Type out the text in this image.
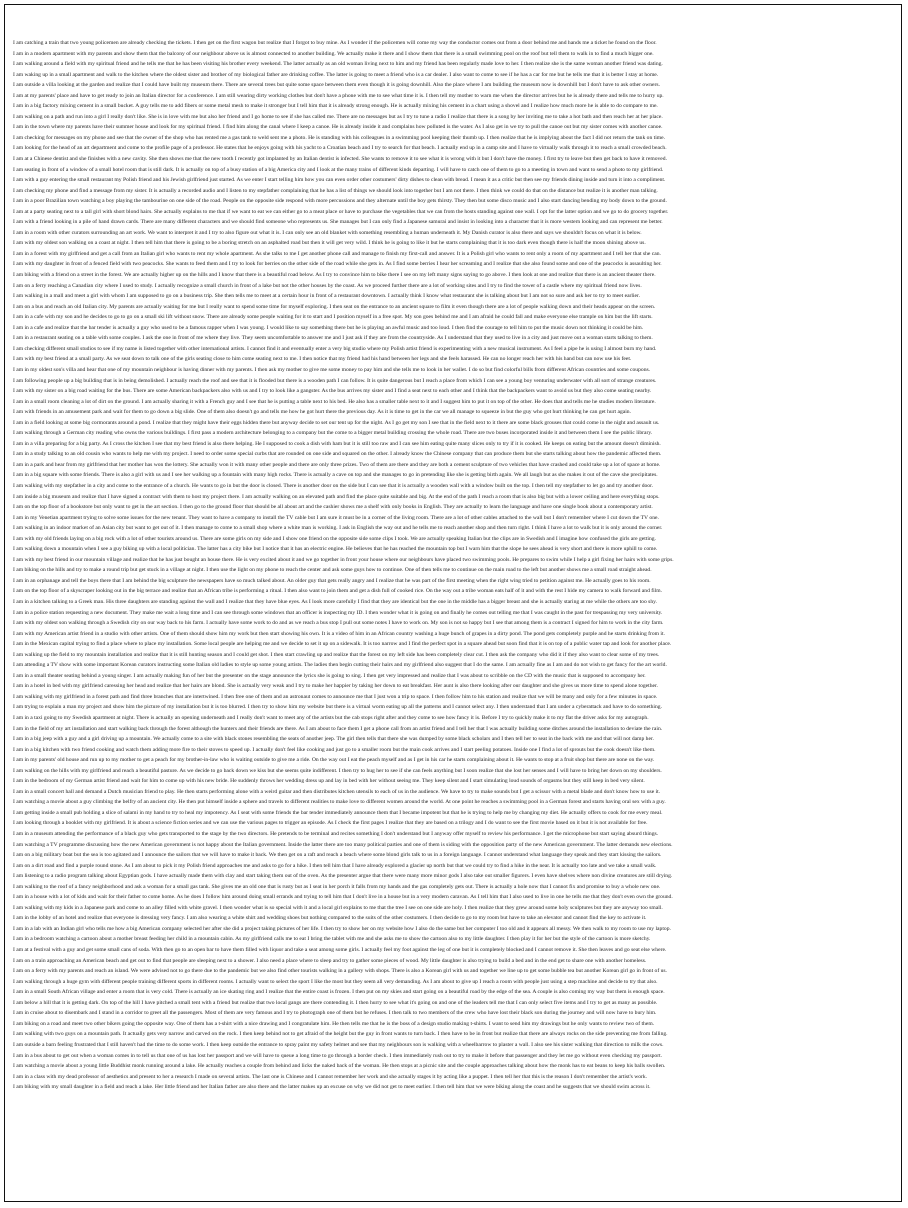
I am catching a train that two young policemen are already checking the tickets. I then get on the first wagon but realize that I forgot to buy mine. As I wonder if the policemen will come my way the conductor comes out from a door behind me and hands me a ticket he found on the floor.
I am in a modern apartment with my parents and show them that the balcony of our neighbour above us is almost connected to another building. We actually make it there and I show them that there is a small swimming pool on the roof but tell them to walk in to find a much bigger one.
I am walking around a field with my spiritual friend and he tells me that he has been visiting his brother every weekend. The latter actually as an old woman living next to him and my friend has been regularly made love to her. I then realize she is the same woman another friend was dating.
I am waking up in a small apartment and walk to the kitchen where the oldest sister and brother of my biological father are drinking coffee. The latter is going to meet a friend who is a car dealer. I also want to come to see if he has a car for me but he tells me that it is better I stay at home.
I am outside a villa looking at the garden and realize that I could have built my museum there. There are several trees but quite some space between them even though it is going downhill. Also the place where I am building the museum now is downhill but I don't have to ask other owners.
I am at my parents' place and have to get ready to join an Italian director for a conference. I am still wearing dirty working clothes but don't have a phone with me to see what time it is. I then tell my mother to warn me when the director arrives but he is already there and tells me to hurry up.
I am in a big factory mixing cement in a small bucket. A guy tells me to add fibers or some metal mesh to make it stronger but I tell him that it is already strong enough. He is actually mixing his cement in a chart using a shovel and I realize how much more he is able to do compare to me.
I am walking on a path and run into a girl I really don't like. She is in love with me but also her friend and I go home to see if she has called me. There are no messages but as I try to tune a radio I realize that there is a song by her inviting me to take a hot bath and then reach her at her place.
I am in the town where my parents have their summer house and look for my spiritual friend. I find him along the canal where I keep a canoe. He is already inside it and complains how polluted is the water. As I also get in we try to pull the canoe out but my sister comes with another canoe.
I am checking for messages on my phone and see that the owner of the shop who has rented me a gas tank to weld sent me a photo. He is standing with his colleagues in a swimming pool keeping their thumb up. I then realize that he is implying about the fact I did not return the tank on time.
I am looking for the head of an art department and come to the profile page of a professor. He states that he enjoys going with his yacht to a Croatian beach and I try to search for that beach. I actually end up in a camp site and I have to virtually walk through it to reach a small crowded beach.
I am at a Chinese dentist and she finishes with a new cavity. She then shows me that the new tooth I recently got implanted by an Italian dentist is infected. She wants to remove it to see what it is wrong with it but I don't have the money. I first try to leave but then get back to have it removed.
I am seating in front of a window of a small hotel room that is still dark. It is actually on top of a busy station of a big America city and I look at the many trains of different kinds departing. I will have to catch one of them to go to a meeting in town and want to send a photo to my girlfriend.
I am with a guy entering the small restaurant my Polish friend and his Jewish girlfriend just started. As we enter I start telling him how you can even order other costumers' dirty dishes to clean with bread. I mean it as a critic but then see my friends dining inside and turn it into a compliment.
I am checking my phone and find a message from my sister. It is actually a recorded audio and I listen to my stepfather complaining that he has a list of things we should look into together but I am not there. I then think we could do that on the distance but realize it is another man talking.
I am in a poor Brazilian town watching a boy playing the tambourine on one side of the road. People on the opposite side respond with more percussions and they alternate until the boy gets thirsty. They then but some disco music and I also start dancing bending my body down to the ground.
I am at a party seating next to a tall girl with short blond hairs. She actually explains to me that if we want to eat we can either go to a meat place or have to purchase the vegetables that we can from the hosts standing against one wall. I opt for the latter option and we go to do grocery together.
I am with a friend looking in a pile of hand drawn cards. There are many different characters and we should find someone who represents us. She manages but I can only find a Japanese samurai and insist in looking into a character that it is more western looking and can represent me better.
I am in a room with other curators surrounding an art work. We want to interpret it and I try to also figure out what it is. I can only see an old blanket with something resembling a human underneath it. My Danish curator is also there and says we shouldn't focus on what it is below.
I am with my oldest son walking on a coast at night. I then tell him that there is going to be a boring stretch on an asphalted road but then it will get very wild. I think he is going to like it but he starts complaining that it is too dark even though there is half the moon shining above us.
I am in a forest with my girlfriend and get a call from an Italian girl who wants to rent my whole apartment. As she talks to me I get another phone call and manage to finish my first-call and answer. It is a Polish girl who wants to rent only a room of my apartment and I tell her that she can.
I am with my daughter in front of a fenced field with two peacocks. She wants to feed them and I try to look for berries on the other side of the road while she gets in. As I find some berries I hear her screaming and I realize that she also found some and one of the peacocks is assaulting her.
I am biking with a friend on a street in the forest. We are actually higher up on the hills and I know that there is a beautiful road below. As I try to convince him to bike there I see on my left many signs saying to go above. I then look at one and realize that there is an ancient theater there.
I am on a ferry reaching a Canadian city where I used to study. I actually recognize a small church in front of a lake but not the other houses by the coast. As we proceed further there are a lot of working sites and I try to find the tower of a castle where my spiritual friend now lives.
I am walking in a mall and meet a girl with whom I am supposed to go on a business trip. She then tells me to meet at a certain hour in front of a restaurant downtown. I actually think I know what restaurant she is talking about but I am not so sure and ask her to try to meet earlier.
I am on a bus and reach an old Italian city. My parents are actually waiting for me but I really want to spend some time for myself exploring. I then seat on the entrance to an ancient square to film it even though there are a lot of people walking down and their heads appear on the screen.
I am in a cafe with my son and he decides to go to go on a small ski lift without snow. There are already some people waiting for it to start and I position myself in a free spot. My son goes behind me and I am afraid he could fall and make everyone else trample on him but the lift starts.
I am in a cafe and realize that the bar tender is actually a guy who used to be a famous rapper when I was young. I would like to say something there but he is playing an awful music and too loud. I then find the courage to tell him to put the music down not thinking it could be him.
I am in a restaurant seating on a table with some couples. I ask the one in front of me where they live. They seem uncomfortable to answer me and I just ask if they are from the countryside. As I understand that they used to live in a city and just move out a woman starts talking to them.
I am checking different small studios to see if my name is listed together with other international artists. I cannot find it and eventually enter a very big studio where my Polish artist friend is experimenting with a new musical instrument. As I feel a pipe he is using I almost burn my hand.
I am with my best friend at a small party. As we seat down to talk one of the girls seating close to him come seating next to me. I then notice that my friend had his hand between her legs and she feels harassed. He can no longer reach her with his hand but can now use his feet.
I am in my oldest son's villa and hear that one of my mountain neighbour is having dinner with my parents. I then ask my mother to give me some money to pay him and she tells me to look in her wallet. I do so but find colorful bills from different African countries and some coupons.
I am following people up a big building that is in being demolished. I actually reach the roof and see that it is flooded but there is a wooden path I can follow. It is quite dangerous but I reach a place from which I can see a young boy venturing underwater with all sort of strange creatures.
I am with my sister on a big road waiting for the bus. There are some American backpackers also with us and I try to look like a gangster. As the bus arrives my sister and I find a seat next to each other and I think that the backpackers want to avoid us but they also come seating nearby.
I am in a small room cleaning a lot of dirt on the ground. I am actually sharing it with a French guy and I see that he is putting a table next to his bed. He also has a smaller table next to it and I suggest him to put it on top of the other. He does that and tells me he studies modern literature.
I am with friends in an amusement park and wait for them to go down a big slide. One of them also doesn't go and tells me how he got hurt there the previous day. As it is time to get in the car we all manage to squeeze in but the guy who got hurt thinking he can get hurt again.
I am in a field looking at some big cormorants around a pond. I realize that they might have their eggs hidden there but anyway decide to set our tent up for the night. As I go get my son I see that in the field next to it there are some black grouses that could come in the night and assault us.
I am walking through a German city reading who owns the various buildings. I first pass a modern architecture belonging to a company but the come to a bigger metal building crossing the whole road. There are two buses incorporated inside it and between them I see the public library.
I am in a villa preparing for a big party. As I cross the kitchen I see that my best friend is also there helping. He I supposed to cook a dish with ham but it is still too raw and I can see him eating quite many slices only to try if it is cooked. He keeps on eating but the amount doesn't diminish.
I am in a study talking to an old cousin who wants to help me with my project. I need to order some special curbs that are rounded on one side and squared on the other. I already know the Chinese company that can produce them but she starts talking about how the pandemic affected them.
I am in a park and hear from my girlfriend that her mother has won the lottery. She actually won it with many other people and there are only three prizes. Two of them are there and they are both a cement sculpture of two vehicles that have crashed and could take up a lot of space at home.
I am in a big square with some friends. There is also a girl with us and I see her walking up a fountain with many high rocks. There is actually a cave on top and she manages to go in pretending like she is getting birth again. We all laugh but as she makes it out of the cave she precipitates.
I am walking with my stepfather in a city and come to the entrance of a church. He wants to go in but the door is closed. There is another door on the side but I can see that it is actually a wooden wall with a window built on the top. I then tell my stepfather to let go and try another door.
I am inside a big museum and realize that I have signed a contract with them to host my project there. I am actually walking on an elevated path and find the place quite suitable and big. At the end of the path I reach a room that is also big but with a lower ceiling and here everything stops.
I am on the top floor of a bookstore but only want to get in the art section. I then go to the ground floor that should be all about art and the cashier shows me a shelf with only books in English. They are actually to learn the language and have one single book about a contemporary artist.
I am in my Venetian apartment trying to solve some issues for the new tenant. They want to have a company to install the TV cable but I am sure it must be in a corner of the living room. There are a lot of other cables attached to the wall but I don't remember where I cut down the TV one.
I am walking in an indoor market of an Asian city but want to get out of it. I then manage to come to a small shop where a white man is working. I ask in English the way out and he tells me to reach another shop and then turn right. I think I have a lot to walk but it is only around the corner.
I am with my old friends laying on a big rock with a lot of other tourists around us. There are some girls on my side and I show one friend on the opposite side some clips I took. We are actually speaking Italian but the clips are in Swedish and I imagine how confused the girls are getting.
I am walking down a mountain when I see a guy biking up with a local politician. The latter has a city bike but I notice that it has an electric engine. He believes that he has reached the mountain top but I warn him that the slope he sees ahead is very short and there is more uphill to come.
I am with my best friend in our mountain village and realize that he has just bought an house there. He is very excited about it and we go together in front your house where our neighbours have placed two swimming pools. He prepares to swim while I help a girl fixing her hairs with some grips.
I am biking on the hills and try to make a round trip but get stuck in a village at night. I then use the light on my phone to reach the center and ask some guys how to continue. One of then tells me to continue on the main road to the left but another shows me a small road straight ahead.
I am in an orphanage and tell the boys there that I am behind the big sculpture the newspapers have so much talked about. An older guy that gets really angry and I realize that he was part of the first meeting when the right wing tried to petition against me. He actually goes to his room.
I am on the top floor of a skyscraper looking out in the big terrace and realize that an African tribe is performing a ritual. I then also want to join them and get a dish full of cooked rice. On the way out a tribe woman eats half of it and with the rest I hide my camera to walk forward and film.
I am in a kitchen talking to a Greek man. His three daughters are standing against the wall and I realize that they have blue eyes. As I look more carefully I find that they are identical but the one in the middle has a bigger breast and she is actually staring at me while the others are too shy.
I am in a police station requesting a new document. They make me wait a long time and I can see through some windows that an officer is inspecting my ID. I then wonder what it is going on and finally he comes out telling me that I was caught in the past for trespassing my very university.
I am with my oldest son walking through a Swedish city on our way back to his farm. I actually have some work to do and as we reach a bus stop I pull out some notes I have to work on. My son is not so happy but I see that among them is a contract I signed for him to work in the city farm.
I am with my American artist friend in a studio with other artists. One of them should show him my work but then start showing his own. It is a video of him in an African country washing a huge bunch of grapes in a dirty pond. The pond gets completely purple and he starts drinking from it.
I am in the Mexican capital trying to find a place where to place my installation. Some local people are helping me and we decide to set it up on a sidewalk. It is too narrow and I find the perfect spot in a square ahead but soon find that it is on top of a public water tap and look for another place.
I am walking up the field to my mountain installation and realize that it is still hunting season and I could get shot. I then start crawling up and realize that the forest on my left side has been completely clear cut. I then ask the company who did it if they also want to clear some of my trees.
I am attending a TV show with some important Korean curators instructing some Italian old ladies to style up some young artists. The ladies then begin cutting their hairs and my girlfriend also suggest that I do the same. I am actually fine as I am and do not wish to get fancy for the art world.
I am in a small theater seating behind a young singer. I am actually making fun of her but the presenter on the stage announce the lyrics she is going to sing. I then get very impressed and realize that I was about to scribble on the CD with the music that is supposed to accompany her.
I am in a hotel in bed with my girlfriend caressing her head and realize that her hairs are blond. She is actually very weak and I try to make her happier by taking her down to eat breakfast. Her aunt is also there looking after our daughter and she gives us more time to spend alone together.
I am walking with my girlfriend in a forest path and find three branches that are intertwined. I then free one of them and an astronaut comes to announce me that I just won a trip to space. I then follow him to his station and realize that we will be many and only for a few minutes in space.
I am trying to explain a man my project and show him the picture of my installation but it is too blurred. I then try to show him my website but there is a virtual worm eating up all the patterns and I cannot select any. I then understand that I am under a cyberattack and have to do something.
I am in a taxi going to my Swedish apartment at night. There is actually an opening underneath and I really don't want to meet any of the artists but the cab stops right after and they come to see how fancy it is. Before I try to quickly make it to my flat the driver asks for my autograph.
I am in the field of my art installation and start walking back through the forest although the hunters and their friends are there. As I am about to face them I get a phone call from an artist friend and I tell her that I was actually building some ditches around the installation to deviate the rain.
I am in a big jeep with a guy and a girl driving up a mountain. We actually come to a site with black stones resembling the seats of another jeep. The girl then tells that there she was dumped by some black scholars and I then tell her to seat in the back with me and that will not damp her.
I am in a big kitchen with two friend cooking and watch them adding more fire to their stoves to speed up. I actually don't feel like cooking and just go to a smaller room but the main cook arrives and I start peeling potatoes. Inside one I find a lot of sprouts but the cook doesn't like them.
I am in my parents' old house and run up to my mother to get a peach for my brother-in-law who is waiting outside to give me a ride. On the way out I eat the peach myself and as I get in his car he starts complaining about it. He wants to stop at a fruit shop but there are none on the way.
I am walking on the hills with my girlfriend and reach a beautiful pasture. As we decide to go back down we kiss but she seems quite indifferent. I then try to hug her to see if she can feels anything but I soon realize that she lost her senses and I will have to bring her down on my shoulders.
I am in the bedroom of my German artist friend and wait for him to come up with his new bride. He suddenly throws her wedding dress up and lay in bed with her without seeing me. They keep silent and I start simulating loud sounds of orgasms but they still keep in bed very silent.
I am in a small concert hall and demand a Dutch musician friend to play. He then starts performing alone with a weird guitar and then distributes kitchen utensils to each of us in the audience. We have to try to make sounds but I get a scissor with a metal blade and don't know how to use it.
I am watching a movie about a guy climbing the belfry of an ancient city. He then put himself inside a sphere and travels to different realities to make love to different women around the world. At one point he reaches a swimming pool in a German forest and starts having oral sex with a guy.
I am getting inside a small pub holding a slice of salami in my hand to try to heal my impotency. As I seat with some friends the bar tender immediately announce them that I became impotent but that he is trying to help me by changing my diet. He actually offers to cook for me every meal.
I am looking through a booklet with my girlfriend. It is about a science fiction series and we can use the various pages to trigger an episode. As I check the first pages I realize that they are based on a trilogy and I do want to see the first movie based on it but it is not available for free.
I am in a museum attending the performance of a black guy who gets transported to the stage by the two directors. He pretends to be terminal and recites something I don't understand but I anyway offer myself to review his performance. I get the microphone but start saying absurd things.
I am watching a TV programme discussing how the new American government is not happy about the Italian government. Inside the latter there are too many political parties and one of them is siding with the opposition party of the new American government. The latter demands new elections.
I am on a big military boat but the sea is too agitated and I announce the sailors that we will have to make it back. We then get on a raft and reach a beach where some blond girls talk to us in a foreign language. I cannot understand what language they speak and they start kissing the sailors.
I am on a dirt road and find a purple round stone. As I am about to pick it my Polish friend approaches me and asks to go for a hike. I then tell him that I have already explored a glacier up north but that we could try to find a hike in the near. It is actually too late and we take a small walk.
I am listening to a radio program talking about Egyptian gods. I have actually made them with clay and start taking them out of the oven. As the presenter argue that there were many more minor gods I also take out smaller figurers. I even have shelves where non divine creatures are still drying.
I am walking to the roof of a fancy neighborhood and ask a woman for a small gas tank. She gives me an old one that is rusty but as I seat in her porch it falls from my hands and the gas completely gets out. There is actually a hole now that I cannot fix and promise to buy a whole new one.
I am in a house with a lot of kids and wait for their father to come home. As he does I follow him around doing small errands and trying to tell him that I don't live in a house but in a very modern caravan. As I tell him that I also used to live in one he tells me that they don't even own the ground.
I am walking with my kids in a Japanese park and come to an alley filled with white gravel. I then wonder what is so special with it and a local girl explains to me that the tree I see on one side are holy. I then realize that they grew around some holy sculptures but they are anyway too small.
I am in the lobby of an hotel and realize that everyone is dressing very fancy. I am also wearing a white shirt and wedding shoes but nothing compared to the suits of the other costumers. I then decide to go to my room but have to take an elevator and cannot find the key to activate it.
I am in a lab with an Indian girl who tells me how a big American company selected her after she did a project taking pictures of her life. I then try to show her on my website how I also do the same but her computer I too old and it appears all messy. We then walk to my room to use my laptop.
I am in a bedroom watching a cartoon about a mother breast feeding her child in a mountain cabin. As my girlfriend calls me to eat I bring the tablet with me and she asks me to show the cartoon also to my little daughter. I then play it for her but the style of the cartoon is more sketchy.
I am at a festival with a guy and get some small cans of soda. With then go to an open bar to have them filled with liquor and take a seat among some girls. I actually feel my foot against the leg of one but it is completely blocked and I cannot remove it. She then leaves and go seat else where.
I am on a train approaching an American beach and get out to find that people are sleeping next to a shower. I also need a place where to sleep and try to gather some pieces of wood. My little daughter is also trying to build a bed and in the end get to share one with another homeless.
I am on a ferry with my parents and reach an island. We were advised not to go there due to the pandemic but we also find other tourists walking in a gallery with shops. There is also a Korean girl with us and together we line up to get some bubble tea but another Korean girl go in front of us.
I am walking through a huge gym with different people training different sports in different rooms. I actually want to select the sport I like the most but they seem all very demanding. As I am about to give up I reach a room with people just using a step machine and decide to try that also.
I am in a small South African village and enter a room that is very cold. There is actually an ice skating ring and I realize that the entire coast is frozen. I then put on my skies and start going on a beautiful road by the edge of the sea. A couple is also coming my way but them is enough space.
I am below a hill that it is getting dark. On top of the hill I have pitched a small tent with a friend but realize that two local gangs are there contending it. I then hurry to see what it's going on and one of the leaders tell me that I can only select five items and I try to get as many as possible.
I am in cruise about to disembark and I stand in a corridor to greet all the passengers. Most of them are very famous and I try to photograph one of them but he refuses. I then talk to two members of the crew who have lost their black son during the journey and will now have to bury him.
I am biking on a road and meet two other bikers going the opposite way. One of them has a t-shirt with a nice drawing and I congratulate him. He then tells me that he is the boss of a design studio making t-shirts. I want to send him my drawings but he only wants to review two of them.
I am walking with two guys on a mountain path. It actually gets very narrow and carved on the rock. I then keep behind not to get afraid of the height but the guy in front wants to turn back. I then have to be in front but realize that there are always rocks on the side preventing me from falling.
I am outside a barn feeling frustrated that I still haven't had the time to do some work. I then keep outside the entrance to spray paint my safety helmet and see that my neighbours son is walking with a wheelbarrow to plaster a wall. I also see his sister walking that direction to milk the cows.
I am in a bus about to get out when a woman comes in to tell us that one of us has lost her passport and we will have to queue a long time to go through a border check. I then immediately rush out to try to make it before that passenger and they let me go without even checking my passport.
I am watching a movie about a young little Buddhist monk running around a lake. He actually reaches a couple from behind and licks the naked back of the woman. He then stops at a picnic site and the couple approaches talking about how the monk has to eat beans to keep his balls swollen.
I am in a class with my dead professor of aesthetics and present to her a research I made on several artists. The last one is Chinese and I cannot remember her work and she actually stages it by acting like a puppet. I then tell her that this is the reason I don't remember the artist's work.
I am biking with my small daughter in a field and reach a lake. Her little friend and her Italian father are also there and the latter makes up an excuse on why we did not get to meet earlier. I then tell him that we were biking along the coast and he suggests that we should swim across it.
